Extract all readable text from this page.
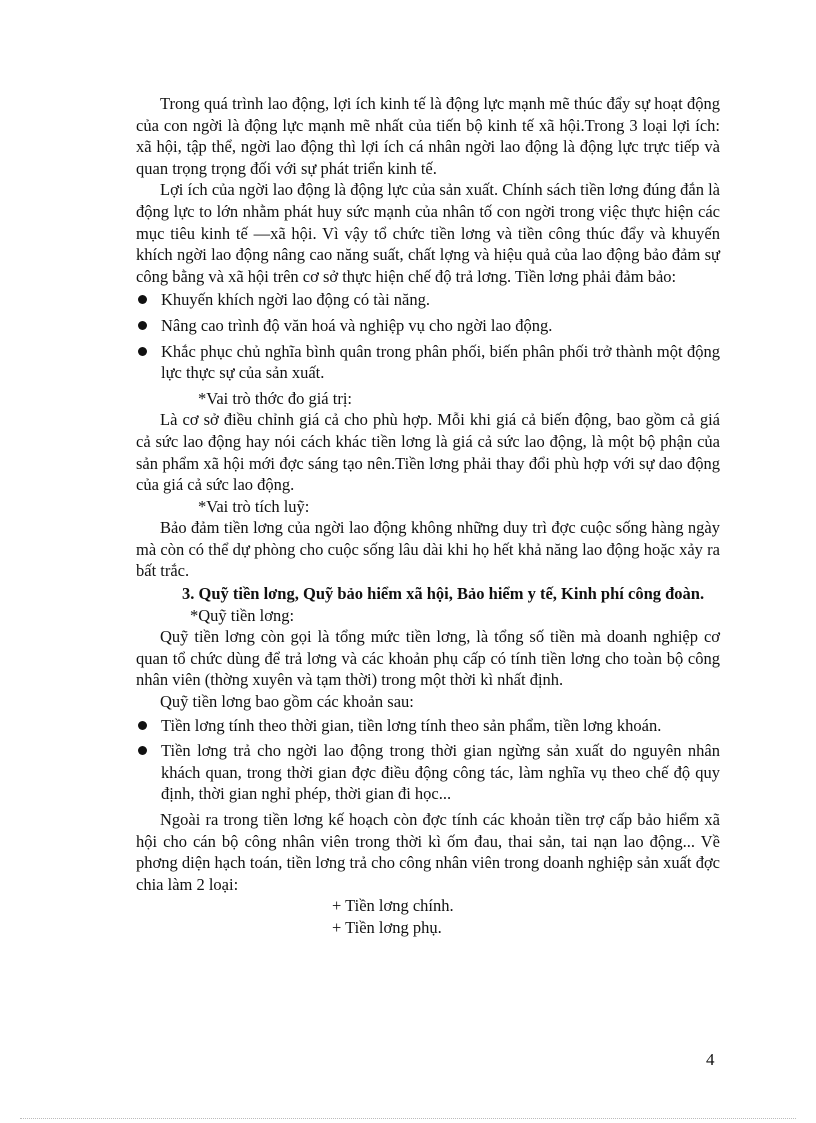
Trong quá trình lao động, lợi ích kinh tế là động lực mạnh mẽ thúc đẩy sự hoạt động của con ngời là động lực mạnh mẽ nhất của tiến bộ kinh tế xã hội.Trong 3 loại lợi ích: xã hội, tập thể, ngời lao động thì lợi ích cá nhân ngời lao động là động lực trực tiếp và quan trọng trọng đối với sự phát triển kinh tế.

Lợi ích của ngời lao động là động lực của sản xuất. Chính sách tiền lơng đúng đắn là động lực to lớn nhằm phát huy sức mạnh của nhân tố con ngời trong việc thực hiện các mục tiêu kinh tế —xã hội. Vì vậy tổ chức tiền lơng và tiền công thúc đẩy và khuyến khích ngời lao động nâng cao năng suất, chất lợng và hiệu quả của lao động bảo đảm sự công bằng và xã hội trên cơ sở thực hiện chế độ trả lơng. Tiền lơng phải đảm bảo:

Khuyến khích ngời lao động có tài năng.
Nâng cao trình độ văn hoá và nghiệp vụ cho ngời lao động.
Khắc phục chủ nghĩa bình quân trong phân phối, biến phân phối trở thành một động lực thực sự của sản xuất.

*Vai trò thớc đo giá trị:

Là cơ sở điều chỉnh giá cả cho phù hợp. Mỗi khi giá cả biến động, bao gồm cả giá cả sức lao động hay nói cách khác tiền lơng là giá cả sức lao động, là một bộ phận của sản phẩm xã hội mới đợc sáng tạo nên.Tiền lơng phải thay đổi phù hợp với sự dao động của giá cả sức lao động.

*Vai trò tích luỹ:

Bảo đảm tiền lơng của ngời lao động không những duy trì đợc cuộc sống hàng ngày mà còn có thể dự phòng cho cuộc sống lâu dài khi họ hết khả năng lao động hoặc xảy ra bất trắc.

3. Quỹ tiền lơng, Quỹ bảo hiểm xã hội, Bảo hiểm y tế, Kinh phí công đoàn.

*Quỹ tiền lơng:

Quỹ tiền lơng còn gọi là tổng mức tiền lơng, là tổng số tiền mà doanh nghiệp cơ quan tổ chức dùng để trả lơng và các khoản phụ cấp có tính tiền lơng cho toàn bộ công nhân viên (thờng xuyên và tạm thời) trong một thời kì nhất định.

Quỹ tiền lơng bao gồm các khoản sau:

Tiền lơng tính theo thời gian, tiền lơng tính theo sản phẩm, tiền lơng khoán.
Tiền lơng trả cho ngời lao động trong thời gian ngừng sản xuất do nguyên nhân khách quan, trong thời gian đợc điều động công tác, làm nghĩa vụ theo chế độ quy định, thời gian nghỉ phép, thời gian đi học...

Ngoài ra trong tiền lơng kế hoạch còn đợc tính các khoản tiền trợ cấp bảo hiểm xã hội cho cán bộ công nhân viên trong thời kì ốm đau, thai sản, tai nạn lao động... Về phơng diện hạch toán, tiền lơng trả cho công nhân viên trong doanh nghiệp sản xuất đợc chia làm 2 loại:

+ Tiền lơng chính.

+ Tiền lơng phụ.

4
